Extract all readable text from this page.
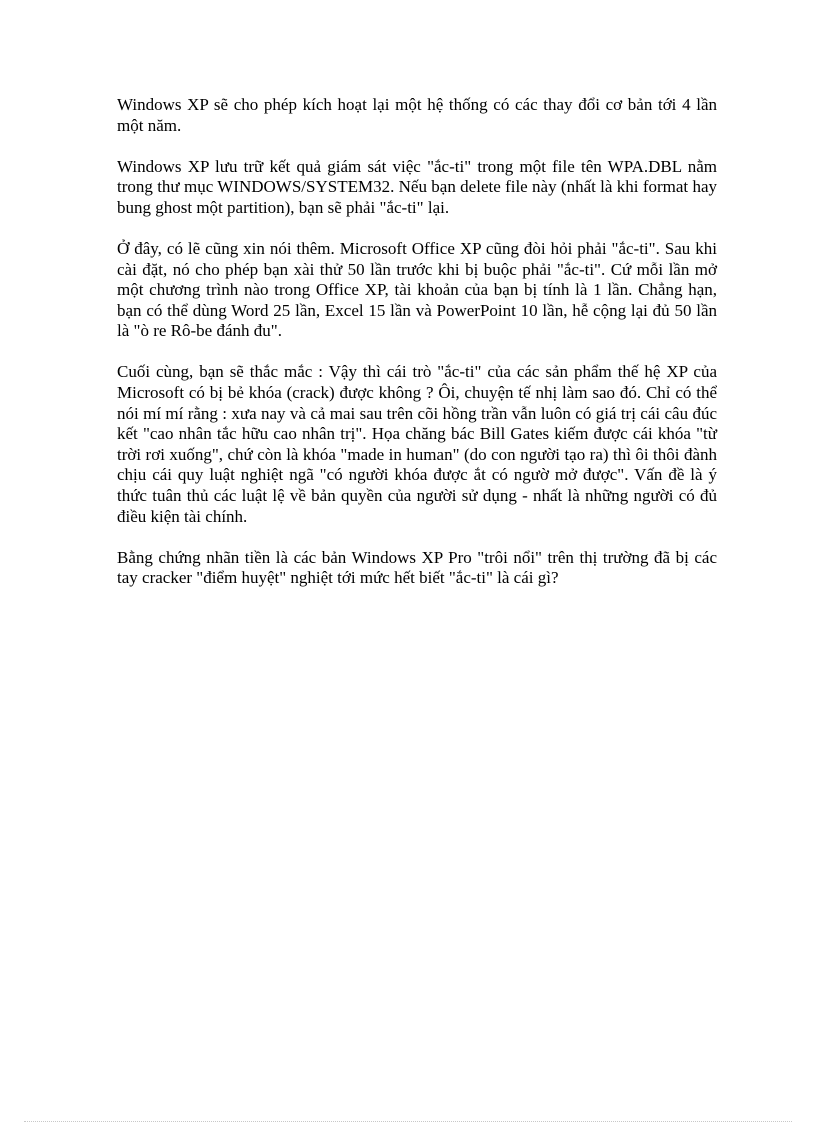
Windows XP sẽ cho phép kích hoạt lại một hệ thống có các thay đổi cơ bản tới 4 lần một năm.

Windows XP lưu trữ kết quả giám sát việc "ắc-ti" trong một file tên WPA.DBL nằm trong thư mục WINDOWS/SYSTEM32. Nếu bạn delete file này (nhất là khi format hay bung ghost một partition), bạn sẽ phải "ắc-ti" lại.

Ở đây, có lẽ cũng xin nói thêm. Microsoft Office XP cũng đòi hỏi phải "ắc-ti". Sau khi cài đặt, nó cho phép bạn xài thử 50 lần trước khi bị buộc phải "ắc-ti". Cứ mỗi lần mở một chương trình nào trong Office XP, tài khoản của bạn bị tính là 1 lần. Chẳng hạn, bạn có thể dùng Word 25 lần, Excel 15 lần và PowerPoint 10 lần, hễ cộng lại đủ 50 lần là "ò re Rô-be đánh đu".

Cuối cùng, bạn sẽ thắc mắc : Vậy thì cái trò "ắc-ti" của các sản phẩm thế hệ XP của Microsoft có bị bẻ khóa (crack) được không ? Ôi, chuyện tế nhị làm sao đó. Chỉ có thể nói mí mí rằng : xưa nay và cả mai sau trên cõi hồng trần vẫn luôn có giá trị cái câu đúc kết "cao nhân tắc hữu cao nhân trị". Họa chăng bác Bill Gates kiếm được cái khóa "từ trời rơi xuống", chứ còn là khóa "made in human" (do con người tạo ra) thì ôi thôi đành chịu cái quy luật nghiệt ngã "có người khóa được ắt có ngườ mở được". Vấn đề là ý thức tuân thủ các luật lệ về bản quyền của người sử dụng - nhất là những người có đủ điều kiện tài chính.

Bằng chứng nhãn tiền là các bản Windows XP Pro "trôi nổi" trên thị trường đã bị các tay cracker "điểm huyệt" nghiệt tới mức hết biết "ắc-ti" là cái gì?
